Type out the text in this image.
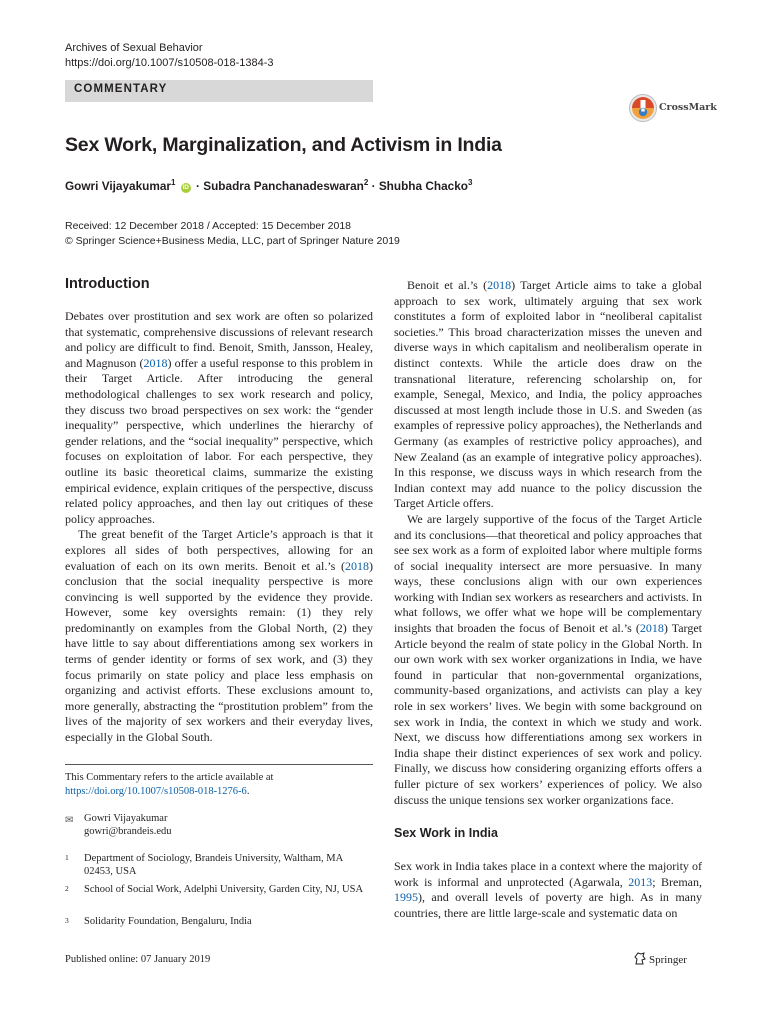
Archives of Sexual Behavior
https://doi.org/10.1007/s10508-018-1384-3
COMMENTARY
CrossMark
Sex Work, Marginalization, and Activism in India
Gowri Vijayakumar$^1$ iD · Subadra Panchanadeswaran$^2$ · Shubha Chacko$^3$
Received: 12 December 2018 / Accepted: 15 December 2018
© Springer Science+Business Media, LLC, part of Springer Nature 2019
Introduction

Debates over prostitution and sex work are often so polarized that systematic, comprehensive discussions of relevant research and policy are difficult to find. Benoit, Smith, Jansson, Healey, and Magnuson (2018) offer a useful response to this problem in their Target Article. After introducing the general methodological challenges to sex work research and policy, they discuss two broad perspectives on sex work: the “gender inequality” perspective, which underlines the hierarchy of gender relations, and the “social inequality” perspective, which focuses on exploitation of labor. For each perspective, they outline its basic theoretical claims, summarize the existing empirical evidence, explain critiques of the perspective, discuss related policy approaches, and then lay out critiques of these policy approaches.

The great benefit of the Target Article’s approach is that it explores all sides of both perspectives, allowing for an evaluation of each on its own merits. Benoit et al.’s (2018) conclusion that the social inequality perspective is more convincing is well supported by the evidence they provide. However, some key oversights remain: (1) they rely predominantly on examples from the Global North, (2) they have little to say about differentiations among sex workers in terms of gender identity or forms of sex work, and (3) they focus primarily on state policy and place less emphasis on organizing and activist efforts. These exclusions amount to, more generally, abstracting the “prostitution problem” from the lives of the majority of sex workers and their everyday lives, especially in the Global South.

This Commentary refers to the article available at https://doi.org/10.1007/s10508-018-1276-6.
✉ Gowri Vijayakumar
gowri@brandeis.edu
1 Department of Sociology, Brandeis University, Waltham, MA 02453, USA
2 School of Social Work, Adelphi University, Garden City, NJ, USA
3 Solidarity Foundation, Bengaluru, India

Benoit et al.’s (2018) Target Article aims to take a global approach to sex work, ultimately arguing that sex work constitutes a form of exploited labor in “neoliberal capitalist societies.” This broad characterization misses the uneven and diverse ways in which capitalism and neoliberalism operate in distinct contexts. While the article does draw on the transnational literature, referencing scholarship on, for example, Senegal, Mexico, and India, the policy approaches discussed at most length include those in U.S. and Sweden (as examples of repressive policy approaches), the Netherlands and Germany (as examples of restrictive policy approaches), and New Zealand (as an example of integrative policy approaches). In this response, we discuss ways in which research from the Indian context may add nuance to the policy discussion the Target Article offers.

We are largely supportive of the focus of the Target Article and its conclusions—that theoretical and policy approaches that see sex work as a form of exploited labor where multiple forms of social inequality intersect are more persuasive. In many ways, these conclusions align with our own experiences working with Indian sex workers as researchers and activists. In what follows, we offer what we hope will be complementary insights that broaden the focus of Benoit et al.’s (2018) Target Article beyond the realm of state policy in the Global North. In our own work with sex worker organizations in India, we have found in particular that non-governmental organizations, community-based organizations, and activists can play a key role in sex workers’ lives. We begin with some background on sex work in India, the context in which we study and work. Next, we discuss how differentiations among sex workers in India shape their distinct experiences of sex work and policy. Finally, we discuss how considering organizing efforts offers a fuller picture of sex workers’ experiences of policy. We also discuss the unique tensions sex worker organizations face.

Sex Work in India

Sex work in India takes place in a context where the majority of work is informal and unprotected (Agarwala, 2013; Breman, 1995), and overall levels of poverty are high. As in many countries, there are little large-scale and systematic data on

Published online: 07 January 2019	Springer
